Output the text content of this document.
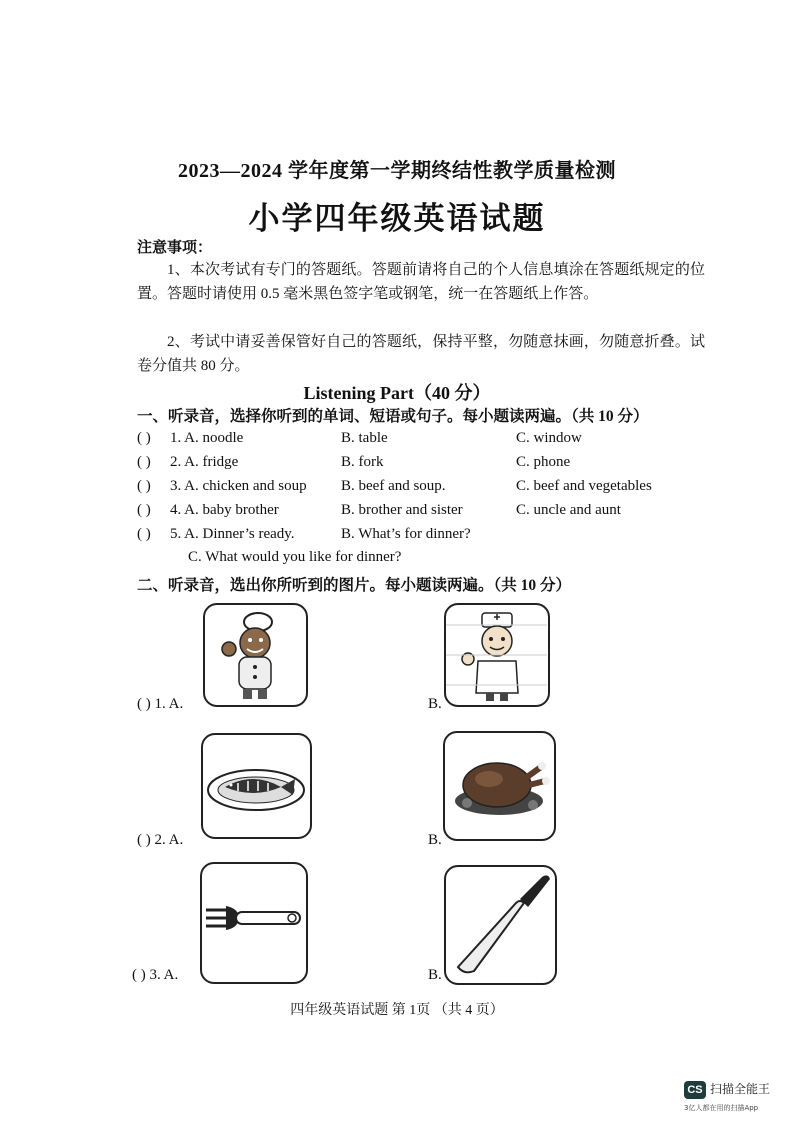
2023—2024 学年度第一学期终结性教学质量检测
小学四年级英语试题
注意事项：
1、本次考试有专门的答题纸。答题前请将自己的个人信息填涂在答题纸规定的位置。答题时请使用 0.5 毫米黑色签字笔或钢笔，统一在答题纸上作答。
2、考试中请妥善保管好自己的答题纸，保持平整，勿随意抹画，勿随意折叠。试卷分值共 80 分。
Listening Part（40 分）
一、听录音，选择你听到的单词、短语或句子。每小题读两遍。（共 10 分）
( ) 1. A. noodle	B. table	C. window
( ) 2. A. fridge	B. fork	C. phone
( ) 3. A. chicken and soup B. beef and soup.	C. beef and vegetables
( ) 4. A. baby brother	B. brother and sister	C. uncle and aunt
( ) 5. A. Dinner’s ready.	B. What’s for dinner?
C. What would you like for dinner?
二、听录音，选出你所听到的图片。每小题读两遍。（共 10 分）
( ) 1. A.	B.
( ) 2. A.	B.
( ) 3. A.	B.
四年级英语试题 第 1页 （共 4 页）
CS 扫描全能王
3亿人都在用的扫描App
